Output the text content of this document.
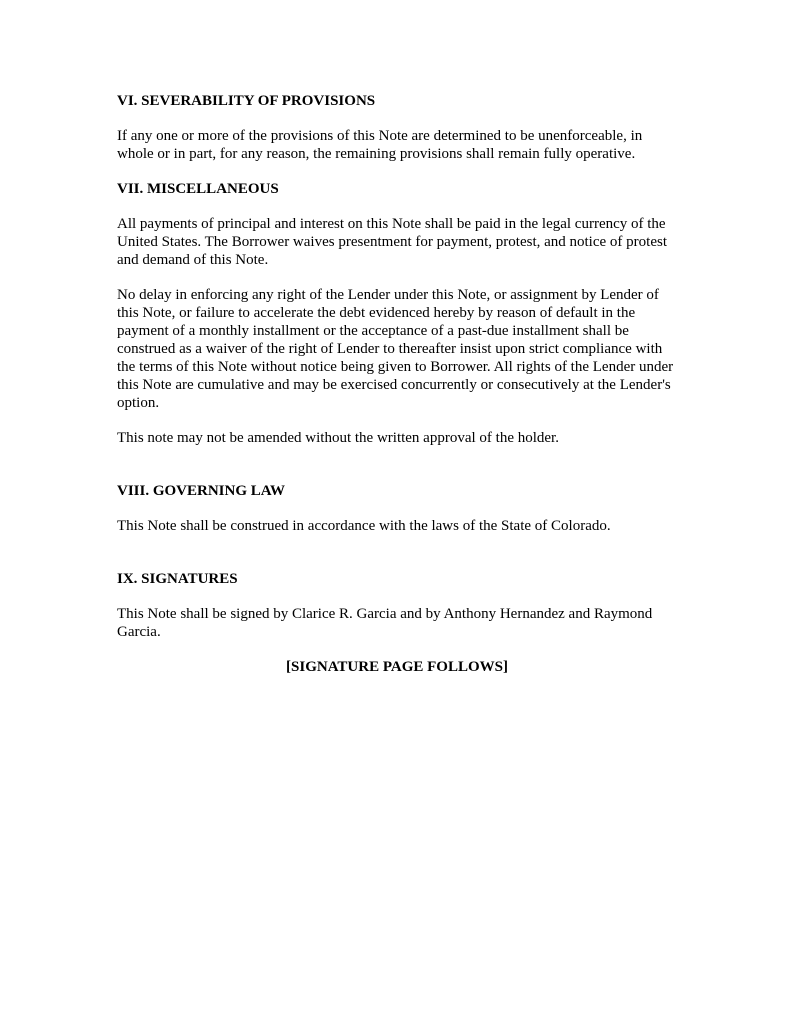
VI. SEVERABILITY OF PROVISIONS

If any one or more of the provisions of this Note are determined to be unenforceable, in whole or in part, for any reason, the remaining provisions shall remain fully operative.

VII. MISCELLANEOUS

All payments of principal and interest on this Note shall be paid in the legal currency of the United States. The Borrower waives presentment for payment, protest, and notice of protest and demand of this Note.

No delay in enforcing any right of the Lender under this Note, or assignment by Lender of this Note, or failure to accelerate the debt evidenced hereby by reason of default in the payment of a monthly installment or the acceptance of a past-due installment shall be construed as a waiver of the right of Lender to thereafter insist upon strict compliance with the terms of this Note without notice being given to Borrower. All rights of the Lender under this Note are cumulative and may be exercised concurrently or consecutively at the Lender's option.

This note may not be amended without the written approval of the holder.

VIII. GOVERNING LAW

This Note shall be construed in accordance with the laws of the State of Colorado.

IX. SIGNATURES

This Note shall be signed by Clarice R. Garcia and by Anthony Hernandez and Raymond Garcia.

[SIGNATURE PAGE FOLLOWS]
